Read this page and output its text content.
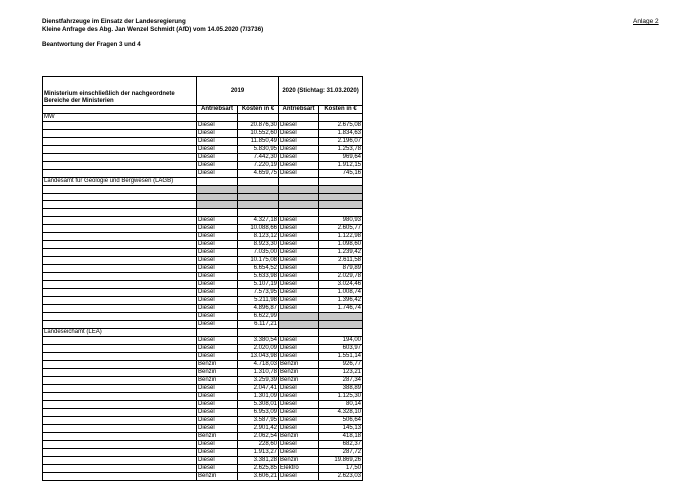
Dienstfahrzeuge im Einsatz der Landesregierung
Kleine Anfrage des Abg. Jan Wenzel Schmidt (AfD) vom 14.05.2020 (7/3736)
Beantwortung der Fragen 3 und 4
Anlage 2
Ministerium einschließlich der nachgeordnete Bereiche der Ministerien	2019		2020 (Stichtag: 31.03.2020)	
	Antriebsart	Kosten in €	Antriebsart	Kosten in €
MW				
	Diesel	20.876,30	Diesel	2.675,08
	Diesel	10.552,60	Diesel	1.834,63
	Diesel	11.850,49	Diesel	2.196,07
	Diesel	5.830,95	Diesel	1.253,78
	Diesel	7.442,30	Diesel	969,64
	Diesel	7.220,19	Diesel	1.912,15
	Diesel	4.659,75	Diesel	745,16
Landesamt für Geologie und Bergwesen (LAGB)				

	Diesel	4.327,18	Diesel	980,93
	Diesel	10.088,66	Diesel	2.605,77
	Diesel	8.123,12	Diesel	1.122,98
	Diesel	8.923,30	Diesel	1.098,60
	Diesel	7.035,00	Diesel	1.239,42
	Diesel	10.175,08	Diesel	2.611,58
	Diesel	6.654,52	Diesel	879,89
	Diesel	5.633,98	Diesel	2.029,78
	Diesel	5.107,19	Diesel	3.024,46
	Diesel	7.573,95	Diesel	1.008,74
	Diesel	5.211,98	Diesel	1.396,42
	Diesel	4.896,87	Diesel	1.746,74
	Diesel	6.622,99		
	Diesel	6.117,21		
Landeseichamt (LEA)				
	Diesel	3.380,54	Diesel	194,00
	Diesel	2.020,09	Diesel	603,97
	Diesel	13.043,98	Diesel	1.551,14
	Benzin	4.718,03	Benzin	926,77
	Benzin	1.310,78	Benzin	123,21
	Benzin	3.259,39	Benzin	287,34
	Diesel	2.047,41	Diesel	388,89
	Diesel	1.301,09	Diesel	1.125,30
	Diesel	5.308,01	Diesel	80,14
	Diesel	6.953,09	Diesel	4.328,10
	Diesel	3.587,95	Diesel	506,64
	Diesel	2.901,42	Diesel	145,13
	Benzin	2.062,54	Benzin	418,18
	Diesel	228,60	Diesel	682,37
	Diesel	1.913,27	Diesel	287,72
	Diesel	3.381,28	Benzin	19.869,26
	Diesel	2.625,85	Elektro	17,50
	Benzin	3.606,21	Diesel	2.623,03
